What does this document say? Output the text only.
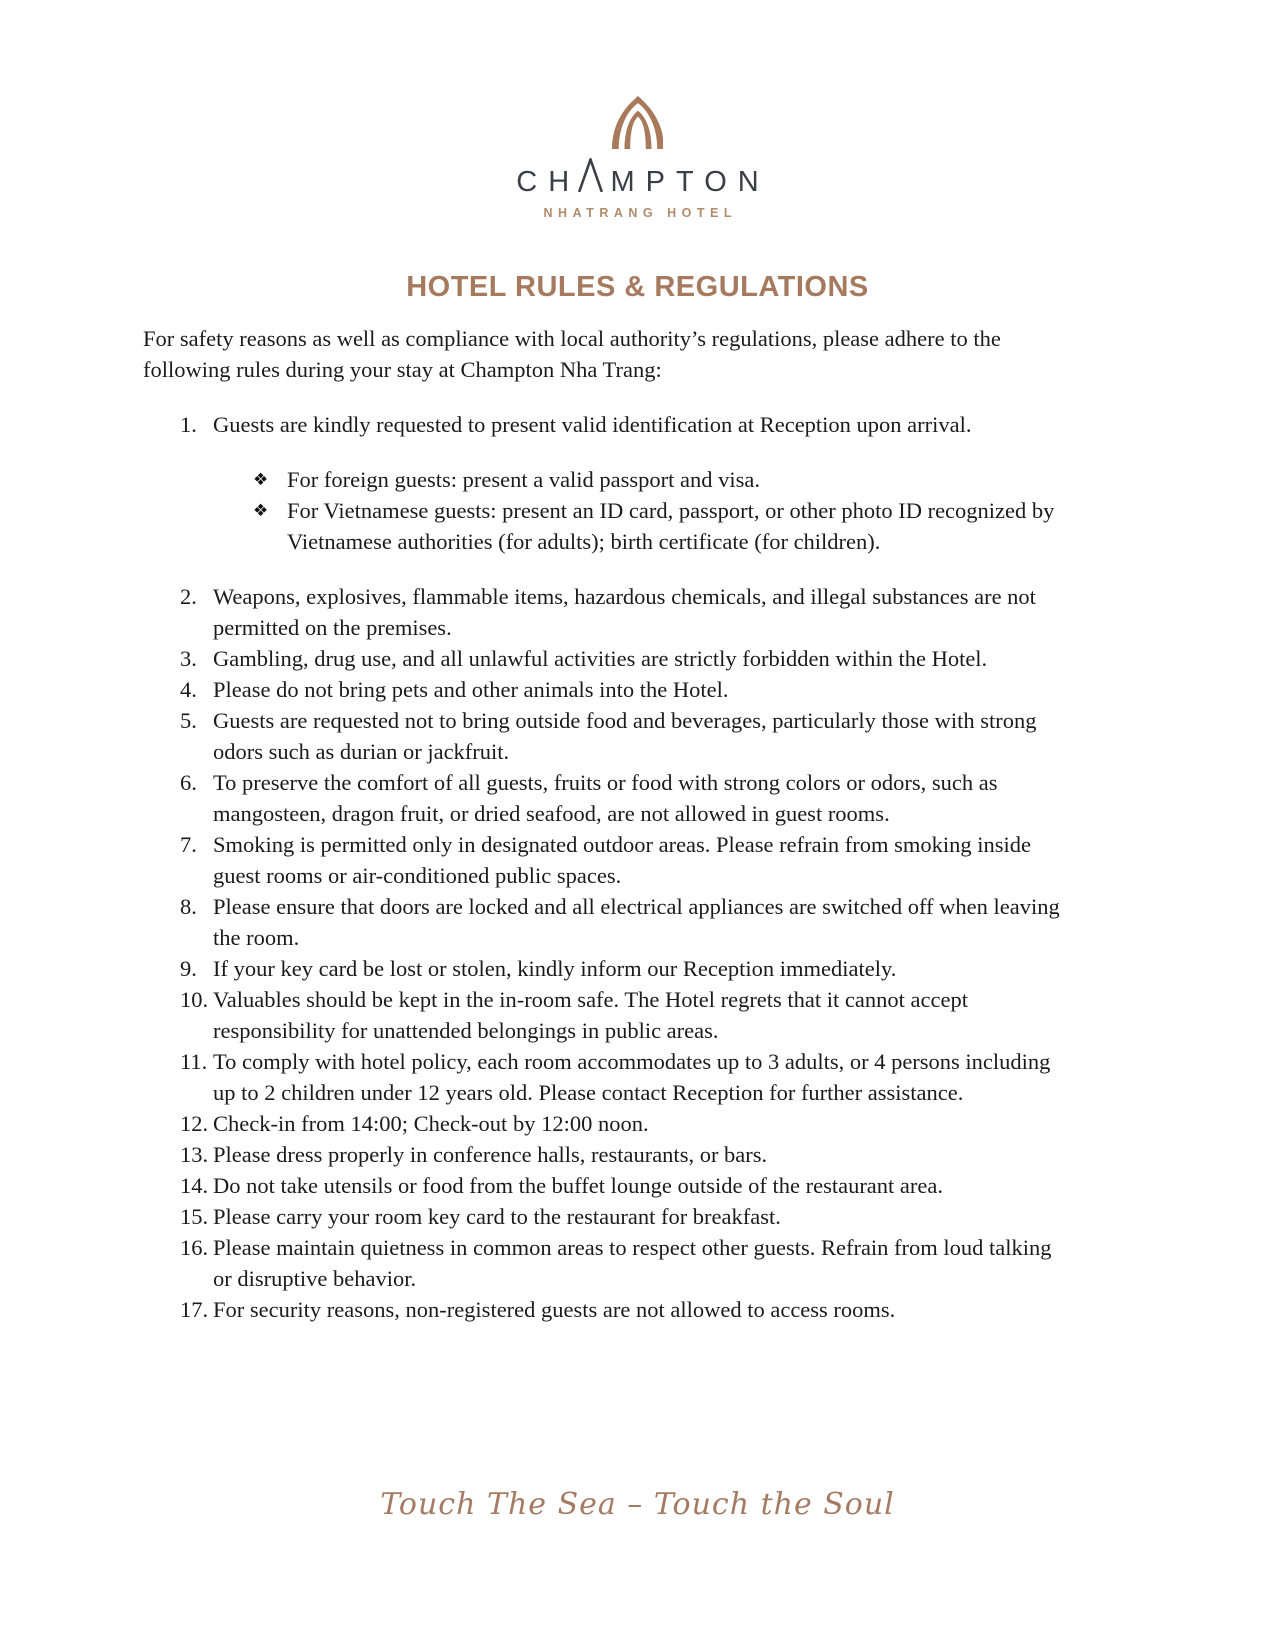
CH MPTON
NHATRANG HOTEL
HOTEL RULES & REGULATIONS

For safety reasons as well as compliance with local authority’s regulations, please adhere to the following rules during your stay at Champton Nha Trang:

1. Guests are kindly requested to present valid identification at Reception upon arrival.
❖ For foreign guests: present a valid passport and visa.
❖ For Vietnamese guests: present an ID card, passport, or other photo ID recognized by Vietnamese authorities (for adults); birth certificate (for children).
2. Weapons, explosives, flammable items, hazardous chemicals, and illegal substances are not permitted on the premises.
3. Gambling, drug use, and all unlawful activities are strictly forbidden within the Hotel.
4. Please do not bring pets and other animals into the Hotel.
5. Guests are requested not to bring outside food and beverages, particularly those with strong odors such as durian or jackfruit.
6. To preserve the comfort of all guests, fruits or food with strong colors or odors, such as mangosteen, dragon fruit, or dried seafood, are not allowed in guest rooms.
7. Smoking is permitted only in designated outdoor areas. Please refrain from smoking inside guest rooms or air-conditioned public spaces.
8. Please ensure that doors are locked and all electrical appliances are switched off when leaving the room.
9. If your key card be lost or stolen, kindly inform our Reception immediately.
10. Valuables should be kept in the in-room safe. The Hotel regrets that it cannot accept responsibility for unattended belongings in public areas.
11. To comply with hotel policy, each room accommodates up to 3 adults, or 4 persons including up to 2 children under 12 years old. Please contact Reception for further assistance.
12. Check-in from 14:00; Check-out by 12:00 noon.
13. Please dress properly in conference halls, restaurants, or bars.
14. Do not take utensils or food from the buffet lounge outside of the restaurant area.
15. Please carry your room key card to the restaurant for breakfast.
16. Please maintain quietness in common areas to respect other guests. Refrain from loud talking or disruptive behavior.
17. For security reasons, non-registered guests are not allowed to access rooms.
Touch The Sea – Touch the Soul
